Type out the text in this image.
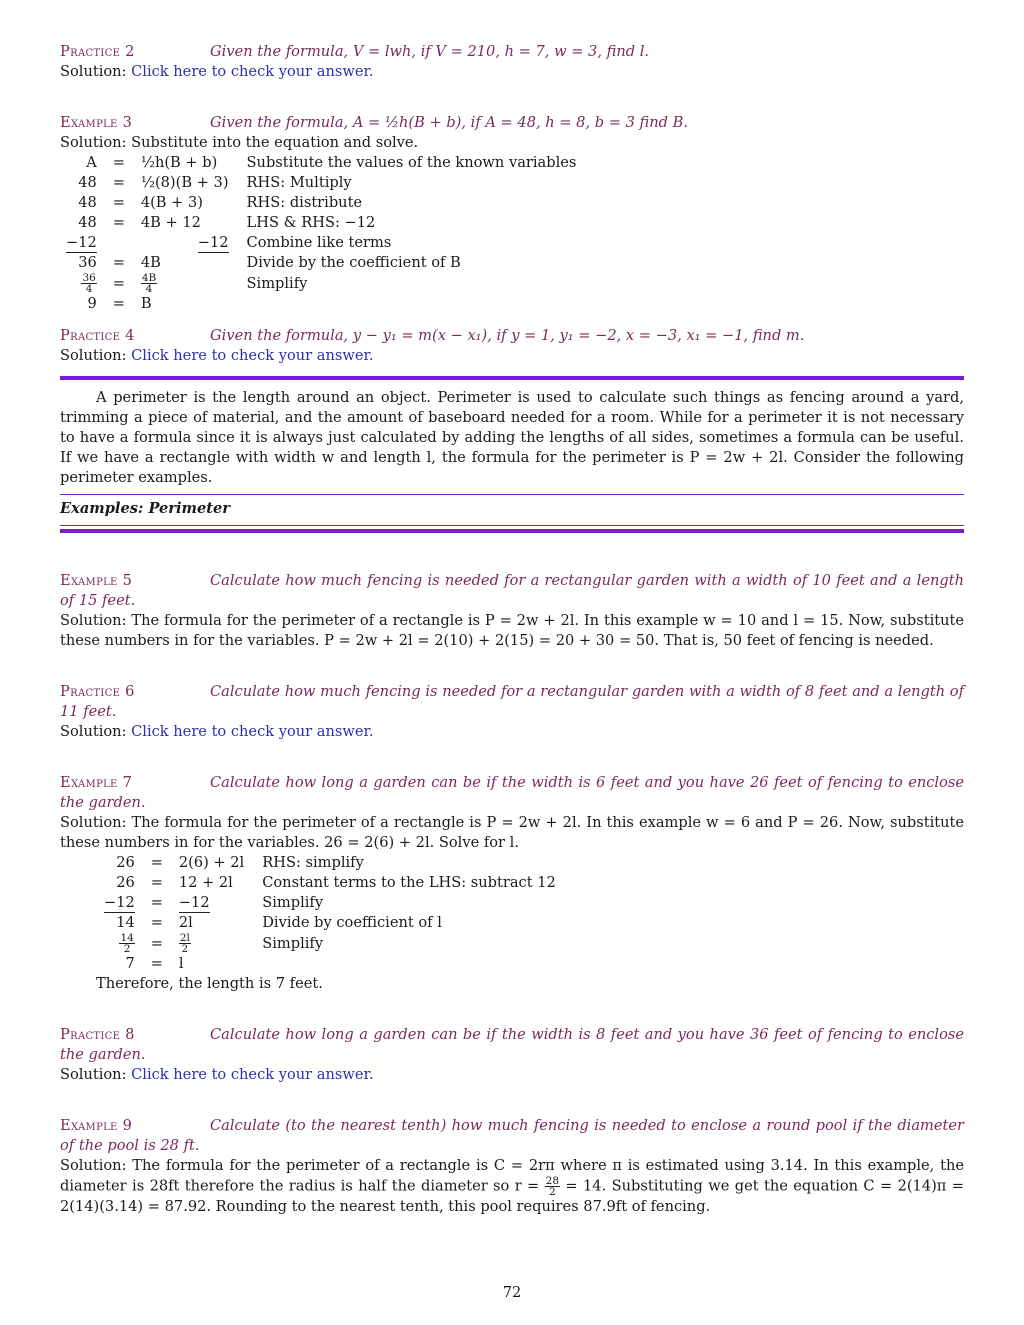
Practice 2	Given the formula, V = lwh, if V = 210, h = 7, w = 3, find l.
Solution: Click here to check your answer.
Example 3	Given the formula, A = ½h(B + b), if A = 48, h = 8, b = 3 find B.
Solution: Substitute into the equation and solve.
A	=	½h(B + b)	Substitute the values of the known variables
48	=	½(8)(B + 3)	RHS: Multiply
48	=	4(B + 3)	RHS: distribute
48	=	4B + 12	LHS & RHS: −12
−12		−12	Combine like terms
36	=	4B	Divide by the coefficient of B

$\frac{36}{4}$	=	$\frac{4B}{4}$	Simplify
9	=	B	
Practice 4	Given the formula, y − y₁ = m(x − x₁), if y = 1, y₁ = −2, x = −3, x₁ = −1, find m.
Solution: Click here to check your answer.

A perimeter is the length around an object. Perimeter is used to calculate such things as fencing around a yard, trimming a piece of material, and the amount of baseboard needed for a room. While for a perimeter it is not necessary to have a formula since it is always just calculated by adding the lengths of all sides, sometimes a formula can be useful. If we have a rectangle with width w and length l, the formula for the perimeter is P = 2w + 2l. Consider the following perimeter examples.

Examples: Perimeter
Example 5	Calculate how much fencing is needed for a rectangular garden with a width of 10 feet and a length of 15 feet.
Solution: The formula for the perimeter of a rectangle is P = 2w + 2l. In this example w = 10 and l = 15. Now, substitute these numbers in for the variables. P = 2w + 2l = 2(10) + 2(15) = 20 + 30 = 50. That is, 50 feet of fencing is needed.
Practice 6	Calculate how much fencing is needed for a rectangular garden with a width of 8 feet and a length of 11 feet.
Solution: Click here to check your answer.
Example 7	Calculate how long a garden can be if the width is 6 feet and you have 26 feet of fencing to enclose the garden.
Solution: The formula for the perimeter of a rectangle is P = 2w + 2l. In this example w = 6 and P = 26. Now, substitute these numbers in for the variables. 26 = 2(6) + 2l. Solve for l.
26	=	2(6) + 2l	RHS: simplify
26	=	12 + 2l	Constant terms to the LHS: subtract 12
−12	=	−12	Simplify
14	=	2l	Divide by coefficient of l

$\frac{14}{2}$	=	$\frac{2l}{2}$	Simplify
7	=	l	
Therefore, the length is 7 feet.
Practice 8	Calculate how long a garden can be if the width is 8 feet and you have 36 feet of fencing to enclose the garden.
Solution: Click here to check your answer.
Example 9	Calculate (to the nearest tenth) how much fencing is needed to enclose a round pool if the diameter of the pool is 28 ft.
Solution: The formula for the perimeter of a rectangle is C = 2rπ where π is estimated using 3.14. In this example, the diameter is 28ft therefore the radius is half the diameter so $r = \frac{28}{2} = 14$. Substituting we get the equation C = 2(14)π = 2(14)(3.14) = 87.92. Rounding to the nearest tenth, this pool requires 87.9ft of fencing.
72
